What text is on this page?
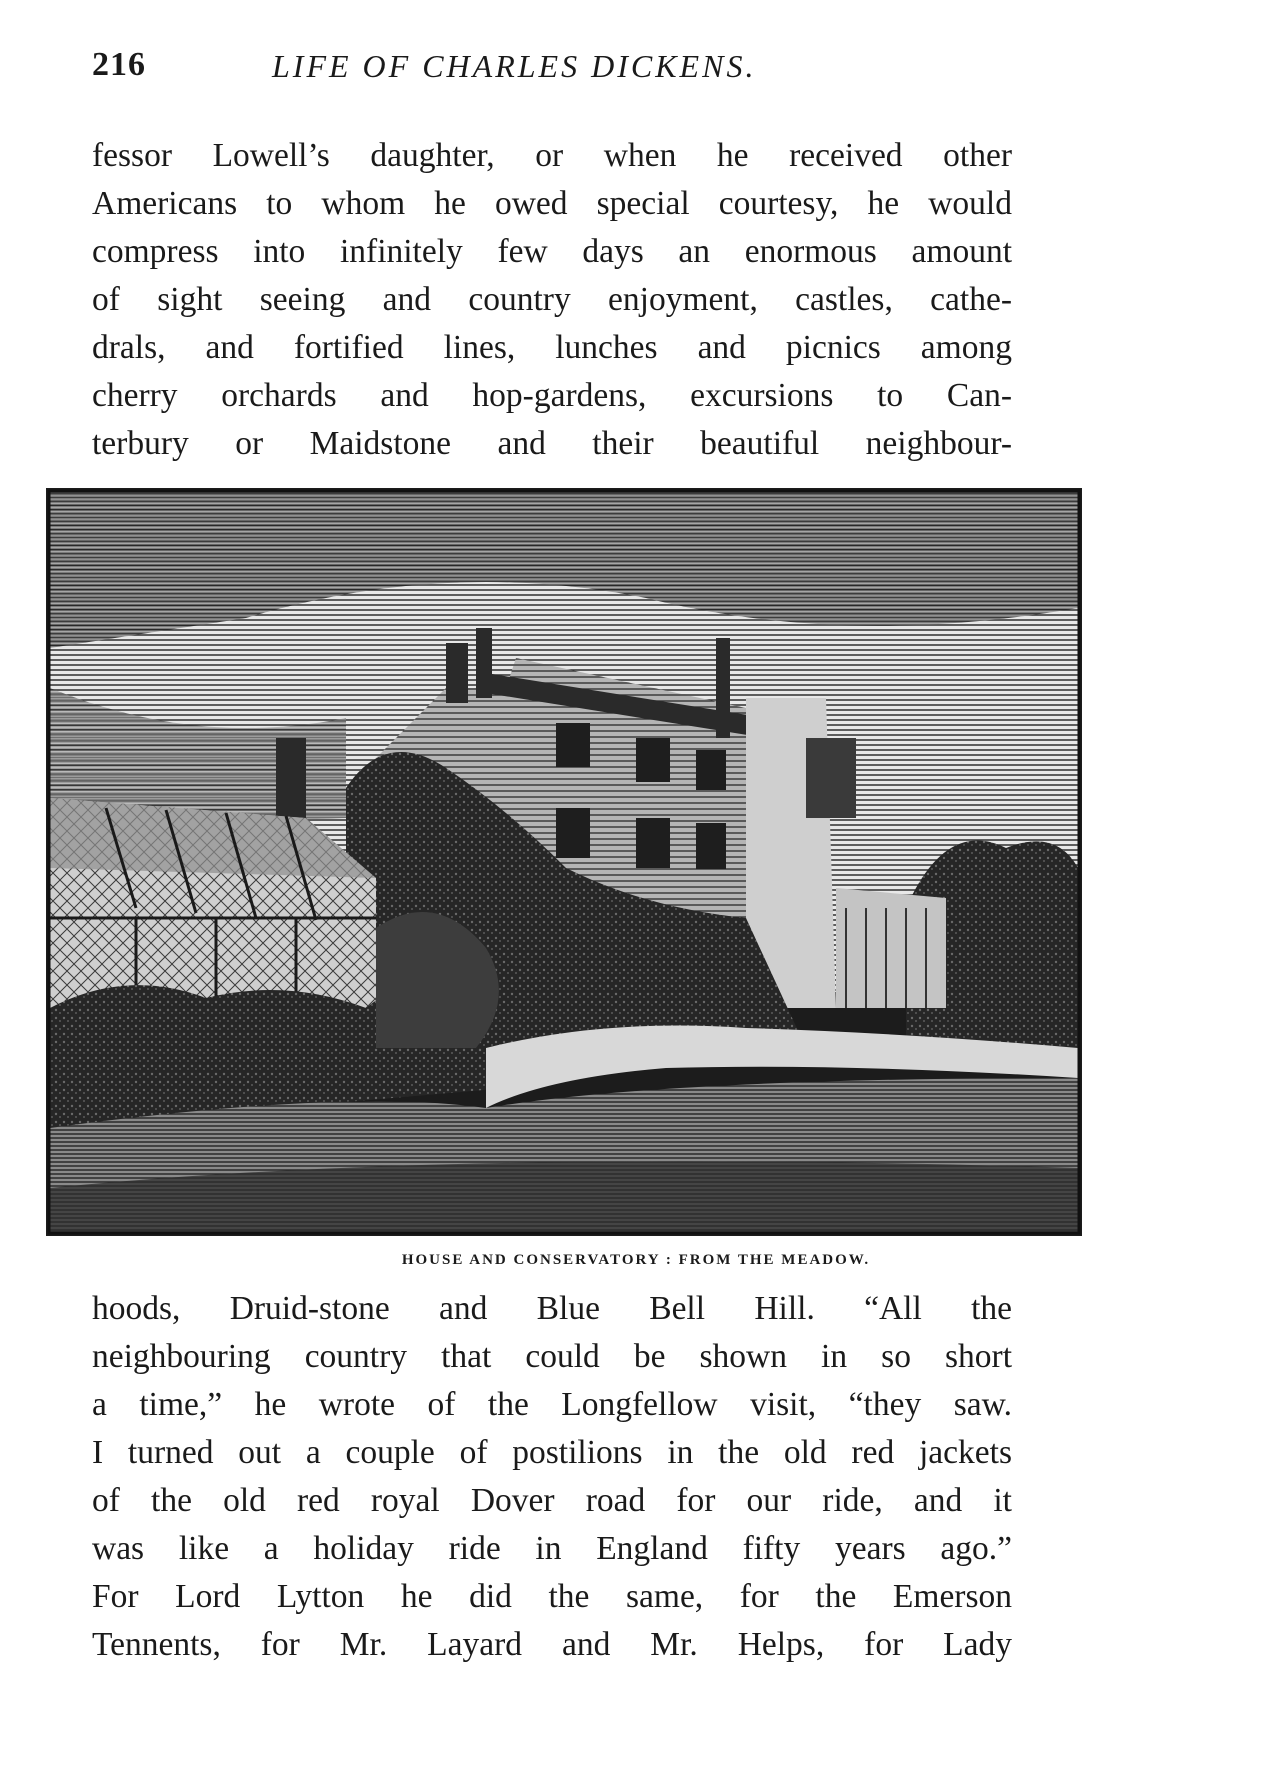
216	LIFE OF CHARLES DICKENS.
fessor Lowell’s daughter, or when he received other
Americans to whom he owed special courtesy, he would
compress into infinitely few days an enormous amount
of sight seeing and country enjoyment, castles, cathe-
drals, and fortified lines, lunches and picnics among
cherry orchards and hop-gardens, excursions to Can-
terbury or Maidstone and their beautiful neighbour-
HOUSE AND CONSERVATORY : FROM THE MEADOW.
hoods, Druid-stone and Blue Bell Hill. “All the
neighbouring country that could be shown in so short
a time,” he wrote of the Longfellow visit, “they saw.
I turned out a couple of postilions in the old red jackets
of the old red royal Dover road for our ride, and it
was like a holiday ride in England fifty years ago.”
For Lord Lytton he did the same, for the Emerson
Tennents, for Mr. Layard and Mr. Helps, for Lady
